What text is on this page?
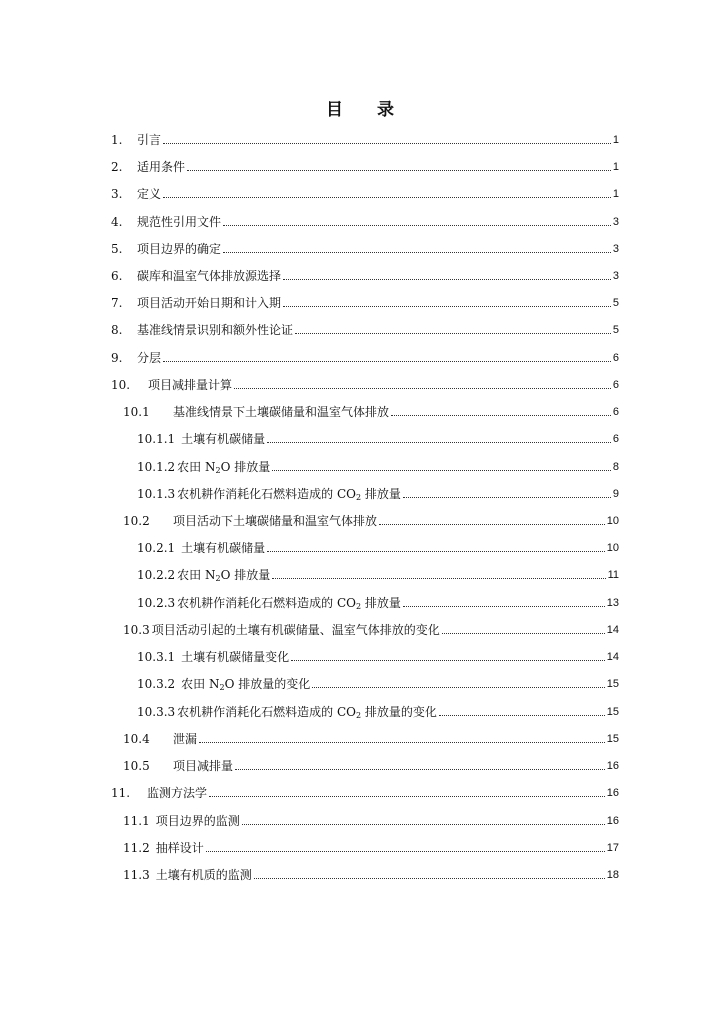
目 录
1.	引言	1
2.	适用条件	1
3.	定义	1
4.	规范性引用文件	3
5.	项目边界的确定	3
6.	碳库和温室气体排放源选择	3
7.	项目活动开始日期和计入期	5
8.	基准线情景识别和额外性论证	5
9.	分层	6
10.	项目减排量计算	6
10.1	基准线情景下土壤碳储量和温室气体排放	6
10.1.1 土壤有机碳储量	6
10.1.2 农田 $N_2O$ 排放量	8
10.1.3 农机耕作消耗化石燃料造成的 $CO_2$ 排放量	9
10.2	项目活动下土壤碳储量和温室气体排放	10
10.2.1 土壤有机碳储量	10
10.2.2 农田 $N_2O$ 排放量	11
10.2.3 农机耕作消耗化石燃料造成的 $CO_2$ 排放量	13
10.3 项目活动引起的土壤有机碳储量、温室气体排放的变化	14
10.3.1 土壤有机碳储量变化	14
10.3.2 农田 $N_2O$ 排放量的变化	15
10.3.3 农机耕作消耗化石燃料造成的 $CO_2$ 排放量的变化	15
10.4	泄漏	15
10.5	项目减排量	16
11.	监测方法学	16
11.1 项目边界的监测	16
11.2 抽样设计	17
11.3 土壤有机质的监测	18
